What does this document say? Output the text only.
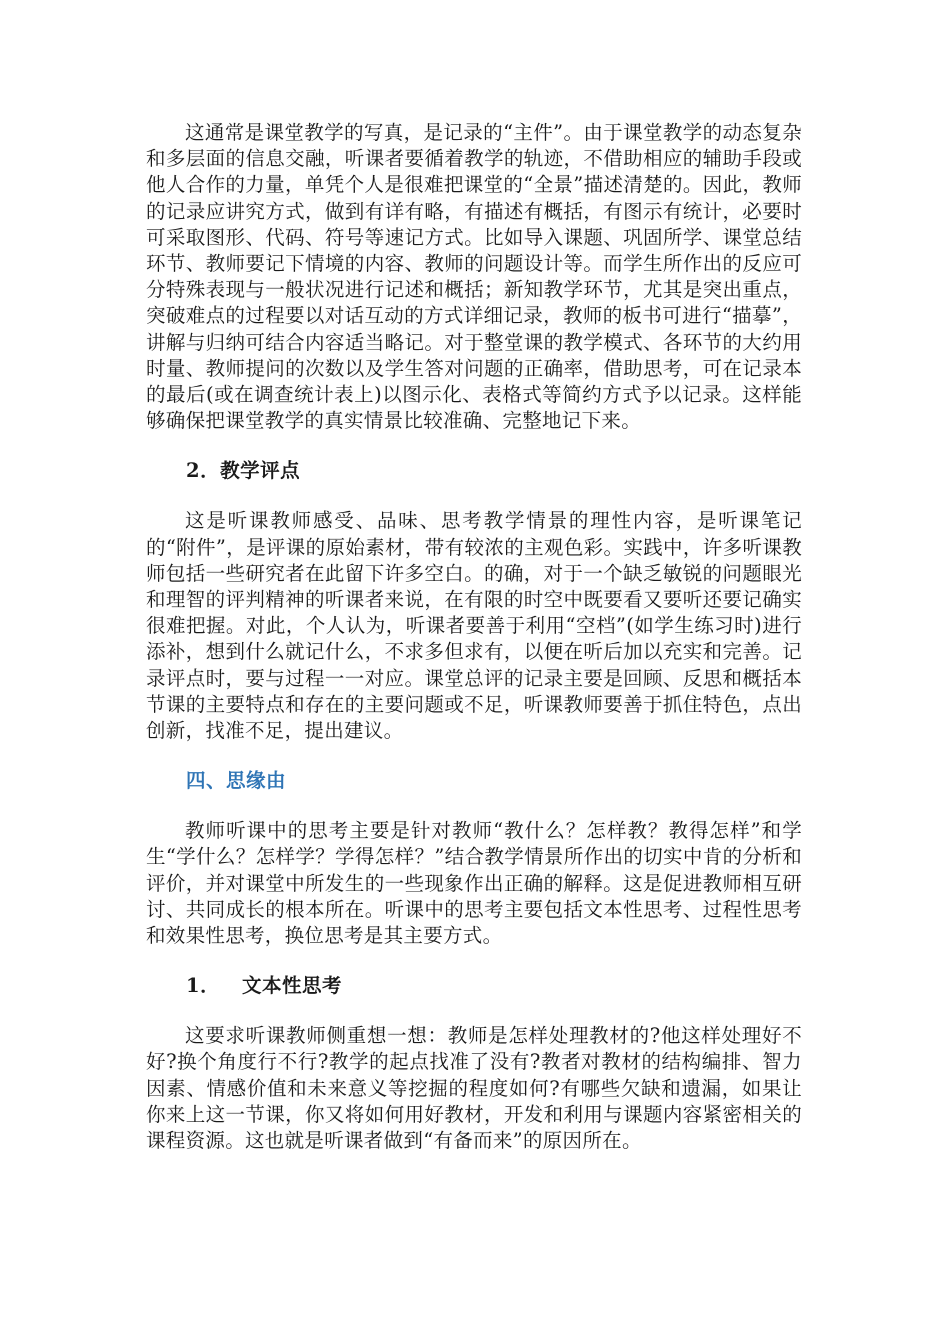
这通常是课堂教学的写真，是记录的“主件”。由于课堂教学的动态复杂和多层面的信息交融，听课者要循着教学的轨迹，不借助相应的辅助手段或他人合作的力量，单凭个人是很难把课堂的“全景”描述清楚的。因此，教师的记录应讲究方式，做到有详有略，有描述有概括，有图示有统计，必要时可采取图形、代码、符号等速记方式。比如导入课题、巩固所学、课堂总结环节、教师要记下情境的内容、教师的问题设计等。而学生所作出的反应可分特殊表现与一般状况进行记述和概括；新知教学环节，尤其是突出重点，突破难点的过程要以对话互动的方式详细记录，教师的板书可进行“描摹”，讲解与归纳可结合内容适当略记。对于整堂课的教学模式、各环节的大约用时量、教师提问的次数以及学生答对问题的正确率，借助思考，可在记录本的最后(或在调查统计表上)以图示化、表格式等简约方式予以记录。这样能够确保把课堂教学的真实情景比较准确、完整地记下来。

2．教学评点

这是听课教师感受、品味、思考教学情景的理性内容，是听课笔记的“附件”，是评课的原始素材，带有较浓的主观色彩。实践中，许多听课教师包括一些研究者在此留下许多空白。的确，对于一个缺乏敏锐的问题眼光和理智的评判精神的听课者来说，在有限的时空中既要看又要听还要记确实很难把握。对此，个人认为，听课者要善于利用“空档”(如学生练习时)进行添补，想到什么就记什么，不求多但求有，以便在听后加以充实和完善。记录评点时，要与过程一一对应。课堂总评的记录主要是回顾、反思和概括本节课的主要特点和存在的主要问题或不足，听课教师要善于抓住特色，点出创新，找准不足，提出建议。

四、思缘由

教师听课中的思考主要是针对教师“教什么？怎样教？教得怎样”和学生“学什么？怎样学？学得怎样？”结合教学情景所作出的切实中肯的分析和评价，并对课堂中所发生的一些现象作出正确的解释。这是促进教师相互研讨、共同成长的根本所在。听课中的思考主要包括文本性思考、过程性思考和效果性思考，换位思考是其主要方式。

1． 文本性思考

这要求听课教师侧重想一想：教师是怎样处理教材的?他这样处理好不好?换个角度行不行?教学的起点找准了没有?教者对教材的结构编排、智力因素、情感价值和未来意义等挖掘的程度如何?有哪些欠缺和遗漏，如果让你来上这一节课，你又将如何用好教材，开发和利用与课题内容紧密相关的课程资源。这也就是听课者做到“有备而来”的原因所在。
